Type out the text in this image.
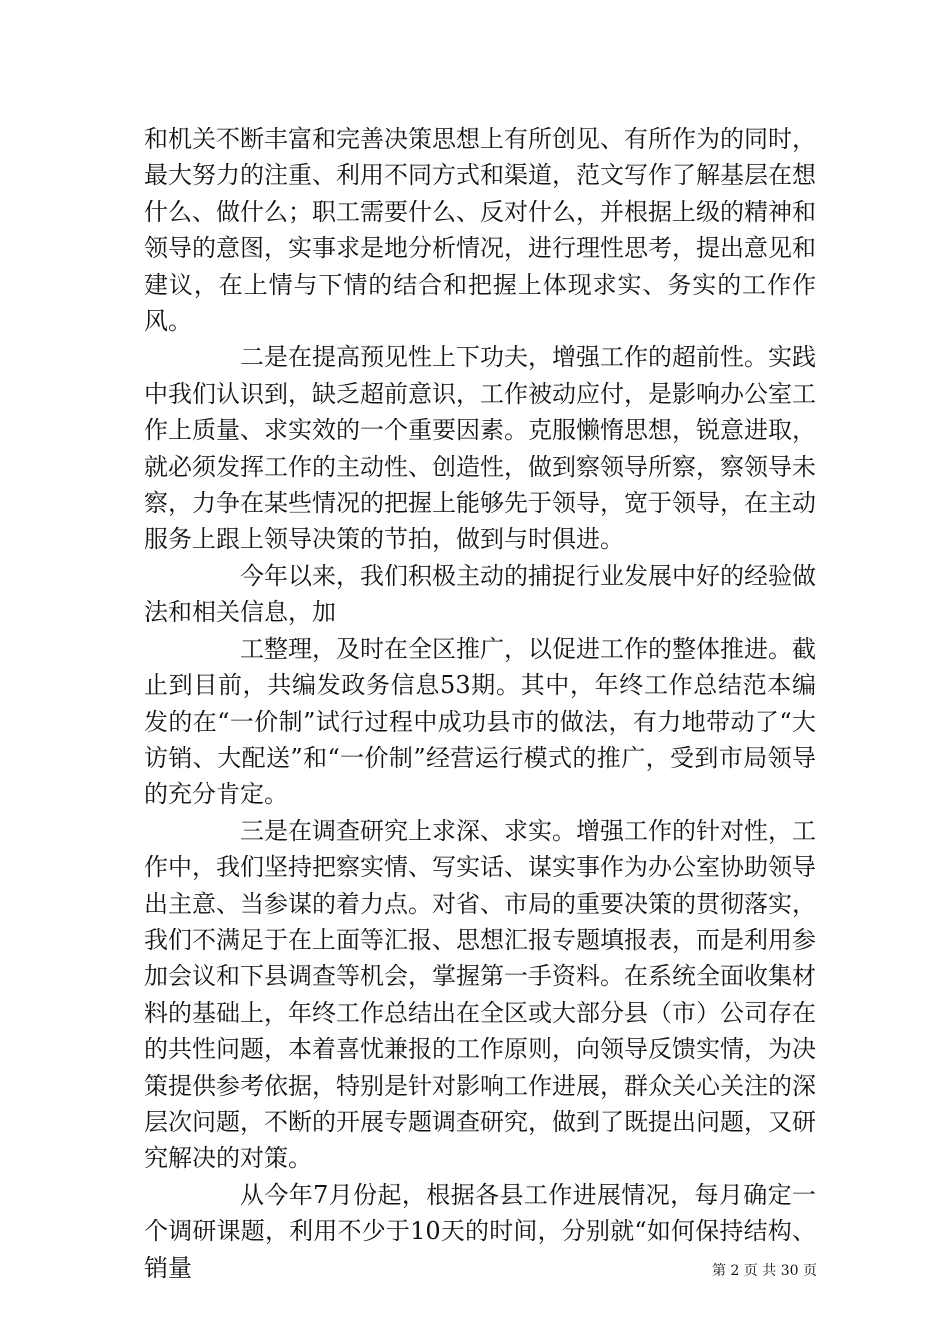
和机关不断丰富和完善决策思想上有所创见、有所作为的同时，最大努力的注重、利用不同方式和渠道，范文写作了解基层在想什么、做什么；职工需要什么、反对什么，并根据上级的精神和领导的意图，实事求是地分析情况，进行理性思考，提出意见和建议，在上情与下情的结合和把握上体现求实、务实的工作作风。

二是在提高预见性上下功夫，增强工作的超前性。实践中我们认识到，缺乏超前意识，工作被动应付，是影响办公室工作上质量、求实效的一个重要因素。克服懒惰思想，锐意进取，就必须发挥工作的主动性、创造性，做到察领导所察，察领导未察，力争在某些情况的把握上能够先于领导，宽于领导，在主动服务上跟上领导决策的节拍，做到与时俱进。

今年以来，我们积极主动的捕捉行业发展中好的经验做法和相关信息，加

工整理，及时在全区推广，以促进工作的整体推进。截止到目前，共编发政务信息53期。其中，年终工作总结范本编发的在“一价制”试行过程中成功县市的做法，有力地带动了“大访销、大配送”和“一价制”经营运行模式的推广，受到市局领导的充分肯定。

三是在调查研究上求深、求实。增强工作的针对性，工作中，我们坚持把察实情、写实话、谋实事作为办公室协助领导出主意、当参谋的着力点。对省、市局的重要决策的贯彻落实，我们不满足于在上面等汇报、思想汇报专题填报表，而是利用参加会议和下县调查等机会，掌握第一手资料。在系统全面收集材料的基础上，年终工作总结出在全区或大部分县（市）公司存在的共性问题，本着喜忧兼报的工作原则，向领导反馈实情，为决策提供参考依据，特别是针对影响工作进展，群众关心关注的深层次问题，不断的开展专题调查研究，做到了既提出问题，又研究解决的对策。

从今年7月份起，根据各县工作进展情况，每月确定一个调研课题，利用不少于10天的时间，分别就“如何保持结构、销量	第 2 页 共 30 页
